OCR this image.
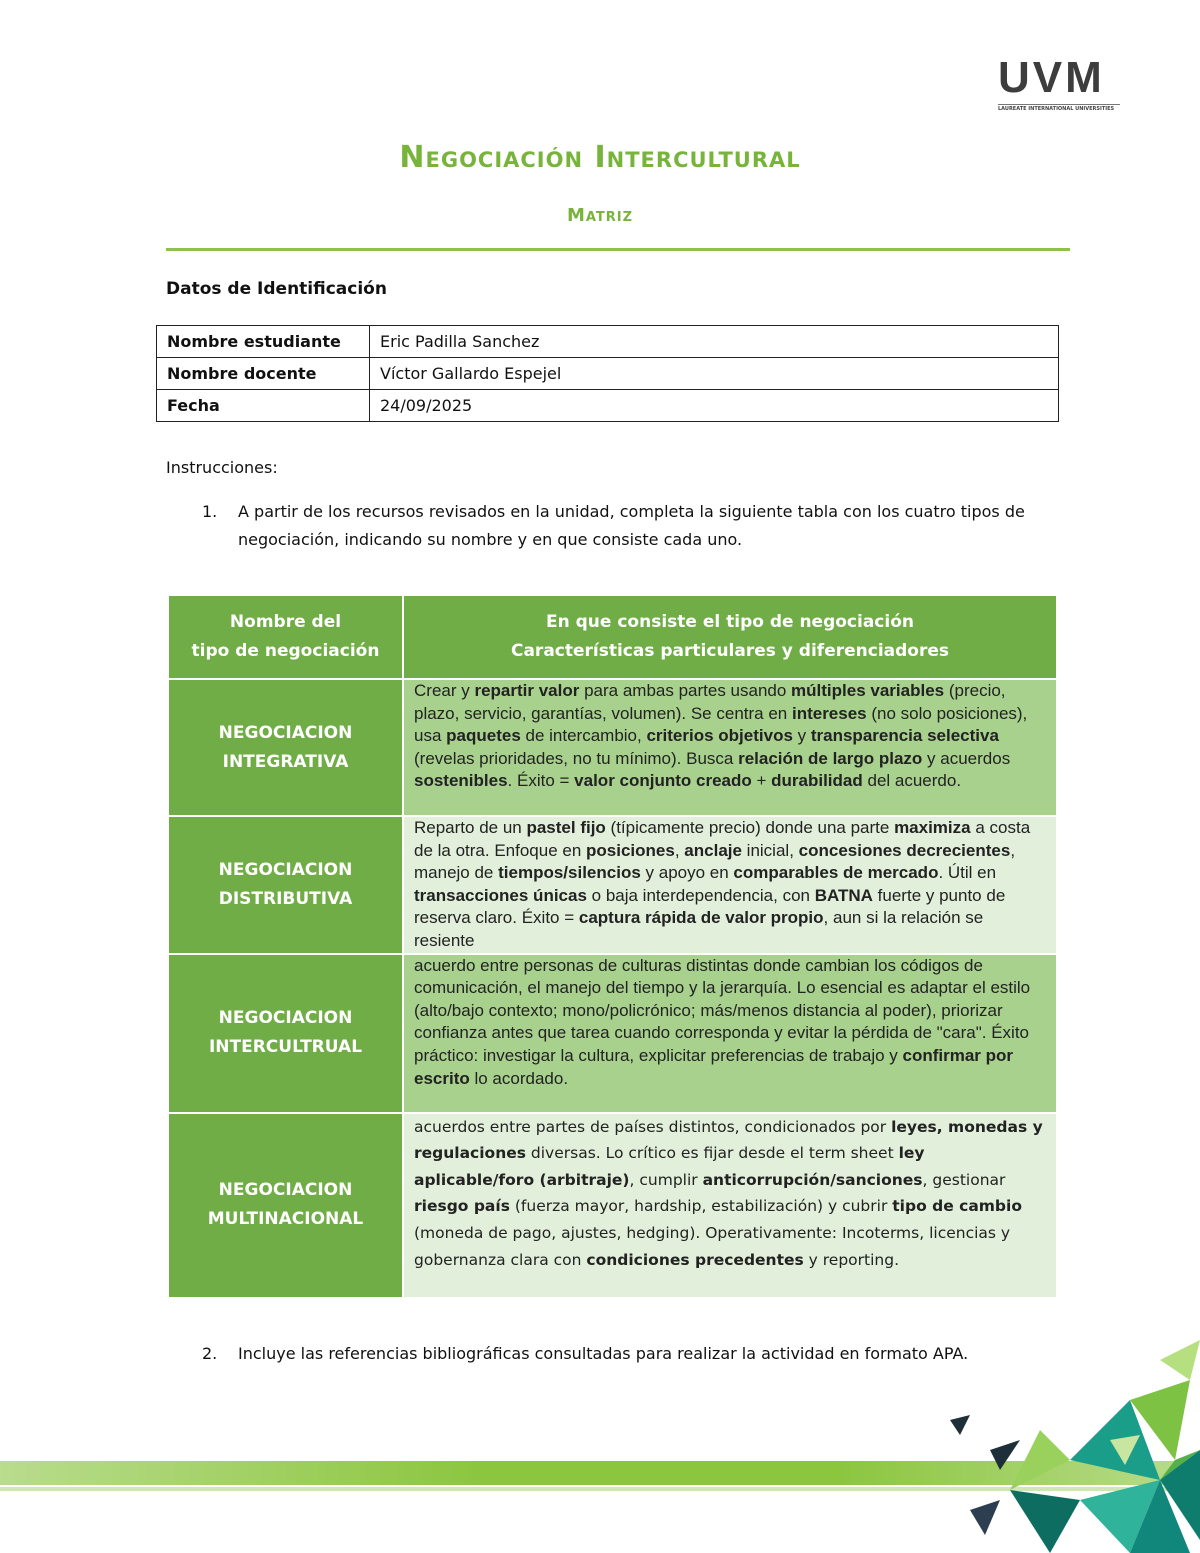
UVM
LAUREATE INTERNATIONAL UNIVERSITIES
Negociación Intercultural
Matriz
Datos de Identificación
Nombre estudiante	Eric Padilla Sanchez
Nombre docente	Víctor Gallardo Espejel
Fecha	24/09/2025
Instrucciones:
1. A partir de los recursos revisados en la unidad, completa la siguiente tabla con los cuatro tipos de negociación, indicando su nombre y en que consiste cada uno.
Nombre del
tipo de negociación	En que consiste el tipo de negociación
Características particulares y diferenciadores
NEGOCIACION
INTEGRATIVA	Crear y repartir valor para ambas partes usando múltiples variables (precio, plazo, servicio, garantías, volumen). Se centra en intereses (no solo posiciones), usa paquetes de intercambio, criterios objetivos y transparencia selectiva (revelas prioridades, no tu mínimo). Busca relación de largo plazo y acuerdos sostenibles. Éxito = valor conjunto creado + durabilidad del acuerdo.
NEGOCIACION
DISTRIBUTIVA	Reparto de un pastel fijo (típicamente precio) donde una parte maximiza a costa de la otra. Enfoque en posiciones, anclaje inicial, concesiones decrecientes, manejo de tiempos/silencios y apoyo en comparables de mercado. Útil en transacciones únicas o baja interdependencia, con BATNA fuerte y punto de reserva claro. Éxito = captura rápida de valor propio, aun si la relación se resiente
NEGOCIACION
INTERCULTRUAL	acuerdo entre personas de culturas distintas donde cambian los códigos de comunicación, el manejo del tiempo y la jerarquía. Lo esencial es adaptar el estilo (alto/bajo contexto; mono/policrónico; más/menos distancia al poder), priorizar confianza antes que tarea cuando corresponda y evitar la pérdida de "cara". Éxito práctico: investigar la cultura, explicitar preferencias de trabajo y confirmar por escrito lo acordado.
NEGOCIACION
MULTINACIONAL	acuerdos entre partes de países distintos, condicionados por leyes, monedas y regulaciones diversas. Lo crítico es fijar desde el term sheet ley aplicable/foro (arbitraje), cumplir anticorrupción/sanciones, gestionar riesgo país (fuerza mayor, hardship, estabilización) y cubrir tipo de cambio (moneda de pago, ajustes, hedging). Operativamente: Incoterms, licencias y gobernanza clara con condiciones precedentes y reporting.
2. Incluye las referencias bibliográficas consultadas para realizar la actividad en formato APA.
